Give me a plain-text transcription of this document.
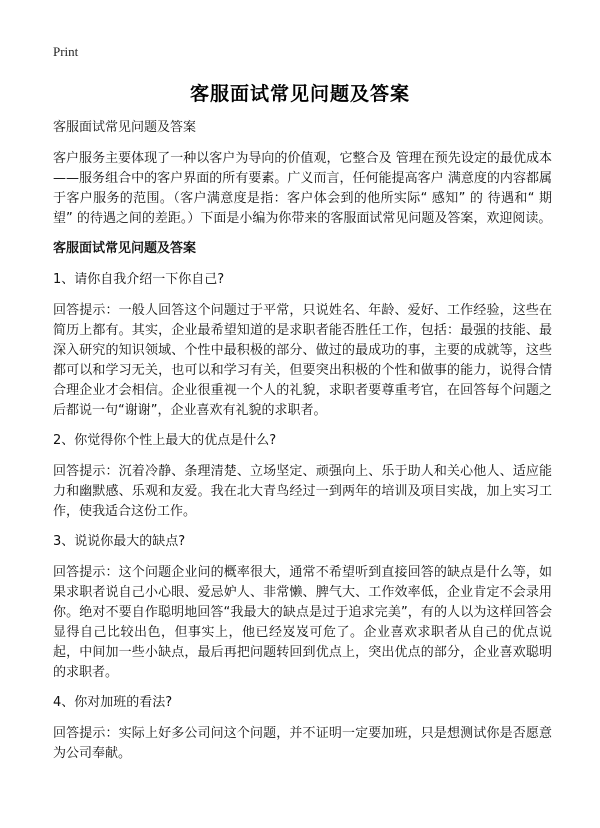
Print
客服面试常见问题及答案

客服面试常见问题及答案

客户服务主要体现了一种以客户为导向的价值观，它整合及 管理在预先设定的最优成本——服务组合中的客户界面的所有要素。广义而言，任何能提高客户 满意度的内容都属于客户服务的范围。（客户满意度是指：客户体会到的他所实际“ 感知” 的 待遇和“ 期望” 的待遇之间的差距。）下面是小编为你带来的客服面试常见问题及答案，欢迎阅读。

客服面试常见问题及答案

1、请你自我介绍一下你自己?

回答提示：一般人回答这个问题过于平常，只说姓名、年龄、爱好、工作经验，这些在简历上都有。其实，企业最希望知道的是求职者能否胜任工作，包括：最强的技能、最深入研究的知识领域、个性中最积极的部分、做过的最成功的事，主要的成就等，这些都可以和学习无关，也可以和学习有关，但要突出积极的个性和做事的能力，说得合情合理企业才会相信。企业很重视一个人的礼貌，求职者要尊重考官，在回答每个问题之后都说一句“谢谢”，企业喜欢有礼貌的求职者。

2、你觉得你个性上最大的优点是什么?

回答提示：沉着冷静、条理清楚、立场坚定、顽强向上、乐于助人和关心他人、适应能力和幽默感、乐观和友爱。我在北大青鸟经过一到两年的培训及项目实战，加上实习工作，使我适合这份工作。

3、说说你最大的缺点?

回答提示：这个问题企业问的概率很大，通常不希望听到直接回答的缺点是什么等，如果求职者说自己小心眼、爱忌妒人、非常懒、脾气大、工作效率低，企业肯定不会录用你。绝对不要自作聪明地回答“我最大的缺点是过于追求完美”，有的人以为这样回答会显得自己比较出色，但事实上，他已经岌岌可危了。企业喜欢求职者从自己的优点说起，中间加一些小缺点，最后再把问题转回到优点上，突出优点的部分，企业喜欢聪明的求职者。

4、你对加班的看法?

回答提示：实际上好多公司问这个问题，并不证明一定要加班，只是想测试你是否愿意为公司奉献。
